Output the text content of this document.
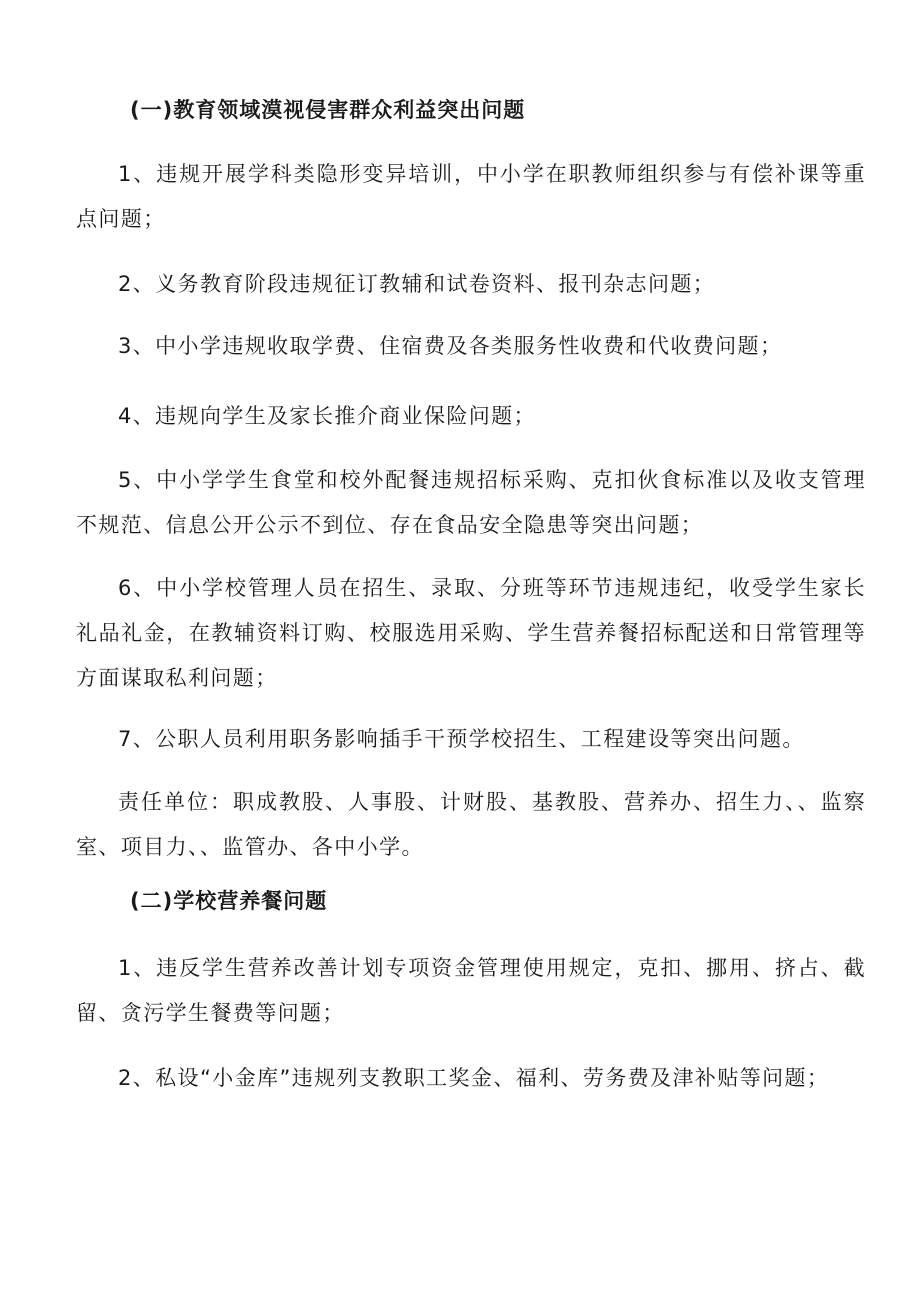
(一)教育领域漠视侵害群众利益突出问题

1、违规开展学科类隐形变异培训，中小学在职教师组织参与有偿补课等重点问题；

2、义务教育阶段违规征订教辅和试卷资料、报刊杂志问题；

3、中小学违规收取学费、住宿费及各类服务性收费和代收费问题；

4、违规向学生及家长推介商业保险问题；

5、中小学学生食堂和校外配餐违规招标采购、克扣伙食标准以及收支管理不规范、信息公开公示不到位、存在食品安全隐患等突出问题；

6、中小学校管理人员在招生、录取、分班等环节违规违纪，收受学生家长礼品礼金，在教辅资料订购、校服选用采购、学生营养餐招标配送和日常管理等方面谋取私利问题；

7、公职人员利用职务影响插手干预学校招生、工程建设等突出问题。

责任单位：职成教股、人事股、计财股、基教股、营养办、招生力、、监察室、项目力、、监管办、各中小学。

(二)学校营养餐问题

1、违反学生营养改善计划专项资金管理使用规定，克扣、挪用、挤占、截留、贪污学生餐费等问题；

2、私设“小金库”违规列支教职工奖金、福利、劳务费及津补贴等问题；
